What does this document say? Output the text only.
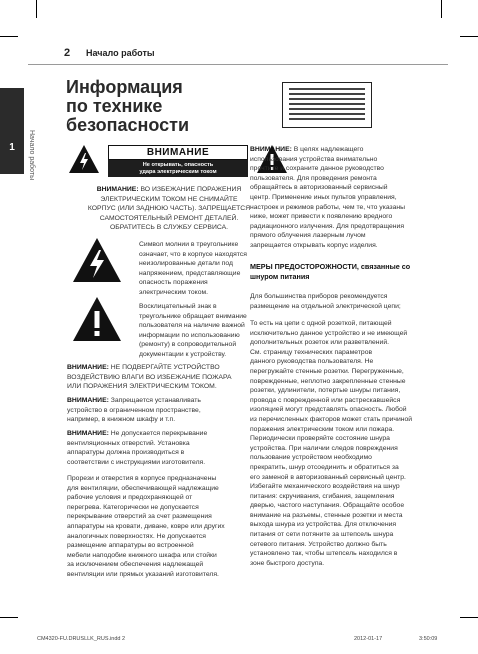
2 Начало работы
1	Начало работы
Информация
по технике
безопасности
ВНИМАНИЕ
Не открывать, опасность
удара электрическим током
ВНИМАНИЕ: ВО ИЗБЕЖАНИЕ ПОРАЖЕНИЯ
ЭЛЕКТРИЧЕСКИМ ТОКОМ НЕ СНИМАЙТЕ
КОРПУС (ИЛИ ЗАДНЮЮ ЧАСТЬ). ЗАПРЕЩАЕТСЯ
САМОСТОЯТЕЛЬНЫЙ РЕМОНТ ДЕТАЛЕЙ.
ОБРАТИТЕСЬ В СЛУЖБУ СЕРВИСА.
Символ молнии в треугольнике
означает, что в корпусе находятся
неизолированные детали под
напряжением, представляющие
опасность поражения
электрическим током.
Восклицательный знак в
треугольнике обращает внимание
пользователя на наличие важной
информации по использованию
(ремонту) в сопроводительной
документации к устройству.
ВНИМАНИЕ: НЕ ПОДВЕРГАЙТЕ УСТРОЙСТВО
ВОЗДЕЙСТВИЮ ВЛАГИ ВО ИЗБЕЖАНИЕ ПОЖАРА
ИЛИ ПОРАЖЕНИЯ ЭЛЕКТРИЧЕСКИМ ТОКОМ.
ВНИМАНИЕ: Запрещается устанавливать
устройство в ограниченном пространстве,
например, в книжном шкафу и т.п.
ВНИМАНИЕ: Не допускается перекрывание
вентиляционных отверстий. Установка
аппаратуры должна производиться в
соответствии с инструкциями изготовителя.
Прорези и отверстия в корпусе предназначены
для вентиляции, обеспечивающей надлежащие
рабочие условия и предохраняющей от
перегрева. Категорически не допускается
перекрывание отверстий за счет размещения
аппаратуры на кровати, диване, ковре или других
аналогичных поверхностях. Не допускается
размещение аппаратуры во встроенной
мебели наподобие книжного шкафа или стойки
за исключением обеспечения надлежащей
вентиляции или прямых указаний изготовителя.
ВНИМАНИЕ: В целях надлежащего
использования устройства внимательно
прочтите и сохраните данное руководство
пользователя. Для проведения ремонта
обращайтесь в авторизованный сервисный
центр. Применение иных пультов управления,
настроек и режимов работы, чем те, что указаны
ниже, может привести к появлению вредного
радиационного излучения. Для предотвращения
прямого облучения лазерным лучом
запрещается открывать корпус изделия.
МЕРЫ ПРЕДОСТОРОЖНОСТИ, связанные со
шнуром питания
Для большинства приборов рекомендуется
размещение на отдельной электрической цепи;
То есть на цепи с одной розеткой, питающей
исключительно данное устройство и не имеющей
дополнительных розеток или разветвлений.
См. страницу технических параметров
данного руководства пользователя. Не
перегружайте стенные розетки. Перегруженные,
поврежденные, неплотно закрепленные стенные
розетки, удлинители, потертые шнуры питания,
провода с поврежденной или растрескавшейся
изоляцией могут представлять опасность. Любой
из перечисленных факторов может стать причиной
поражения электрическим током или пожара.
Периодически проверяйте состояние шнура
устройства. При наличии следов повреждения
пользование устройством необходимо
прекратить, шнур отсоединить и обратиться за
его заменой в авторизованный сервисный центр.
Избегайте механического воздействия на шнур
питания: скручивания, сгибания, защемления
дверью, частого наступания. Обращайте особое
внимание на разъемы, стенные розетки и места
выхода шнура из устройства. Для отключения
питания от сети потяните за штепсель шнура
сетевого питания. Устройство должно быть
установлено так, чтобы штепсель находился в
зоне быстрого доступа.
CM4320-FU.DRUSLLK_RUS.indd 2	2012-01-17	3:50:09
